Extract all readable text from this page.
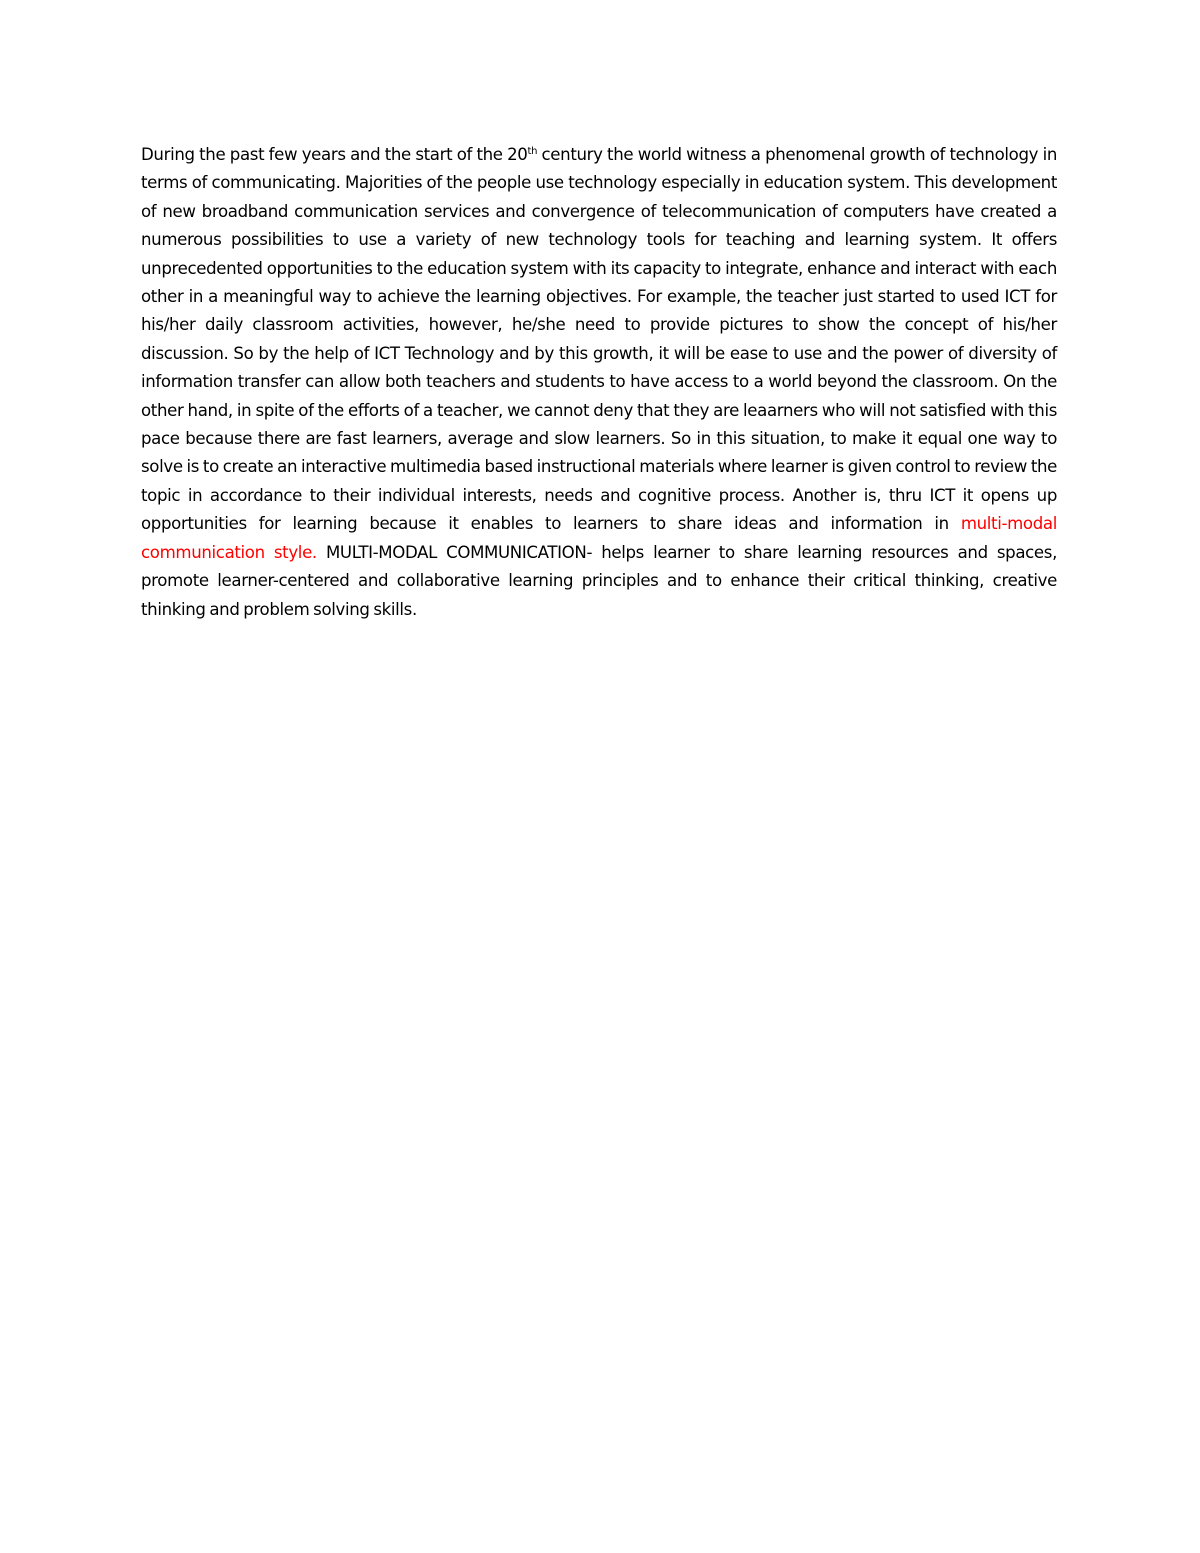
During the past few years and the start of the 20th century the world witness a phenomenal growth of technology in terms of communicating. Majorities of the people use technology especially in education system. This development of new broadband communication services and convergence of telecommunication of computers have created a numerous possibilities to use a variety of new technology tools for teaching and learning system. It offers unprecedented opportunities to the education system with its capacity to integrate, enhance and interact with each other in a meaningful way to achieve the learning objectives. For example, the teacher just started to used ICT for his/her daily classroom activities, however, he/she need to provide pictures to show the concept of his/her discussion. So by the help of ICT Technology and by this growth, it will be ease to use and the power of diversity of information transfer can allow both teachers and students to have access to a world beyond the classroom. On the other hand, in spite of the efforts of a teacher, we cannot deny that they are leaarners who will not satisfied with this pace because there are fast learners, average and slow learners. So in this situation, to make it equal one way to solve is to create an interactive multimedia based instructional materials where learner is given control to review the topic in accordance to their individual interests, needs and cognitive process. Another is, thru ICT it opens up opportunities for learning because it enables to learners to share ideas and information in multi-modal communication style. MULTI-MODAL COMMUNICATION- helps learner to share learning resources and spaces, promote learner-centered and collaborative learning principles and to enhance their critical thinking, creative thinking and problem solving skills.
